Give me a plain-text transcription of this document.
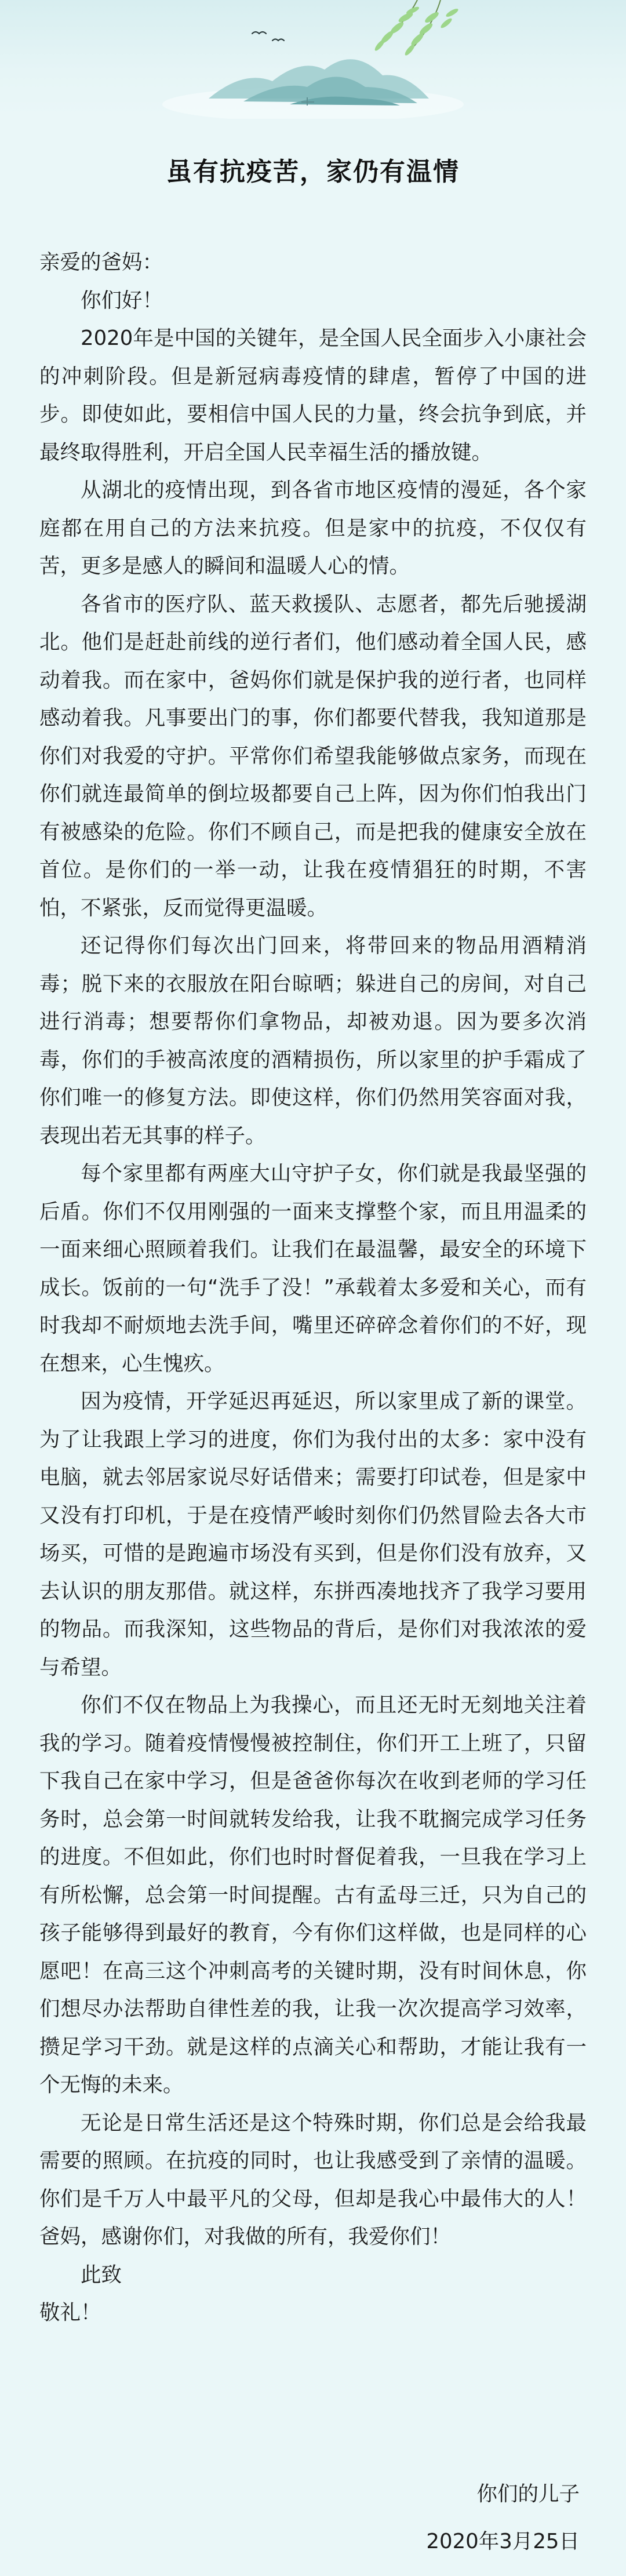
虽有抗疫苦，家仍有温情

亲爱的爸妈：

你们好！

2020年是中国的关键年，是全国人民全面步入小康社会的冲刺阶段。但是新冠病毒疫情的肆虐，暂停了中国的进步。即使如此，要相信中国人民的力量，终会抗争到底，并最终取得胜利，开启全国人民幸福生活的播放键。

从湖北的疫情出现，到各省市地区疫情的漫延，各个家庭都在用自己的方法来抗疫。但是家中的抗疫，不仅仅有苦，更多是感人的瞬间和温暖人心的情。

各省市的医疗队、蓝天救援队、志愿者，都先后驰援湖北。他们是赶赴前线的逆行者们，他们感动着全国人民，感动着我。而在家中，爸妈你们就是保护我的逆行者，也同样感动着我。凡事要出门的事，你们都要代替我，我知道那是你们对我爱的守护。平常你们希望我能够做点家务，而现在你们就连最简单的倒垃圾都要自己上阵，因为你们怕我出门有被感染的危险。你们不顾自己，而是把我的健康安全放在首位。是你们的一举一动，让我在疫情猖狂的时期，不害怕，不紧张，反而觉得更温暖。

还记得你们每次出门回来，将带回来的物品用酒精消毒；脱下来的衣服放在阳台晾晒；躲进自己的房间，对自己进行消毒；想要帮你们拿物品，却被劝退。因为要多次消毒，你们的手被高浓度的酒精损伤，所以家里的护手霜成了你们唯一的修复方法。即使这样，你们仍然用笑容面对我，表现出若无其事的样子。

每个家里都有两座大山守护子女，你们就是我最坚强的后盾。你们不仅用刚强的一面来支撑整个家，而且用温柔的一面来细心照顾着我们。让我们在最温馨，最安全的环境下成长。饭前的一句“洗手了没！”承载着太多爱和关心，而有时我却不耐烦地去洗手间，嘴里还碎碎念着你们的不好，现在想来，心生愧疚。

因为疫情，开学延迟再延迟，所以家里成了新的课堂。为了让我跟上学习的进度，你们为我付出的太多：家中没有电脑，就去邻居家说尽好话借来；需要打印试卷，但是家中又没有打印机，于是在疫情严峻时刻你们仍然冒险去各大市场买，可惜的是跑遍市场没有买到，但是你们没有放弃，又去认识的朋友那借。就这样，东拼西凑地找齐了我学习要用的物品。而我深知，这些物品的背后，是你们对我浓浓的爱与希望。

你们不仅在物品上为我操心，而且还无时无刻地关注着我的学习。随着疫情慢慢被控制住，你们开工上班了，只留下我自己在家中学习，但是爸爸你每次在收到老师的学习任务时，总会第一时间就转发给我，让我不耽搁完成学习任务的进度。不但如此，你们也时时督促着我，一旦我在学习上有所松懈，总会第一时间提醒。古有孟母三迁，只为自己的孩子能够得到最好的教育，今有你们这样做，也是同样的心愿吧！在高三这个冲刺高考的关键时期，没有时间休息，你们想尽办法帮助自律性差的我，让我一次次提高学习效率，攒足学习干劲。就是这样的点滴关心和帮助，才能让我有一个无悔的未来。

无论是日常生活还是这个特殊时期，你们总是会给我最需要的照顾。在抗疫的同时，也让我感受到了亲情的温暖。你们是千万人中最平凡的父母，但却是我心中最伟大的人！爸妈，感谢你们，对我做的所有，我爱你们！

此致

敬礼！

你们的儿子
2020年3月25日
